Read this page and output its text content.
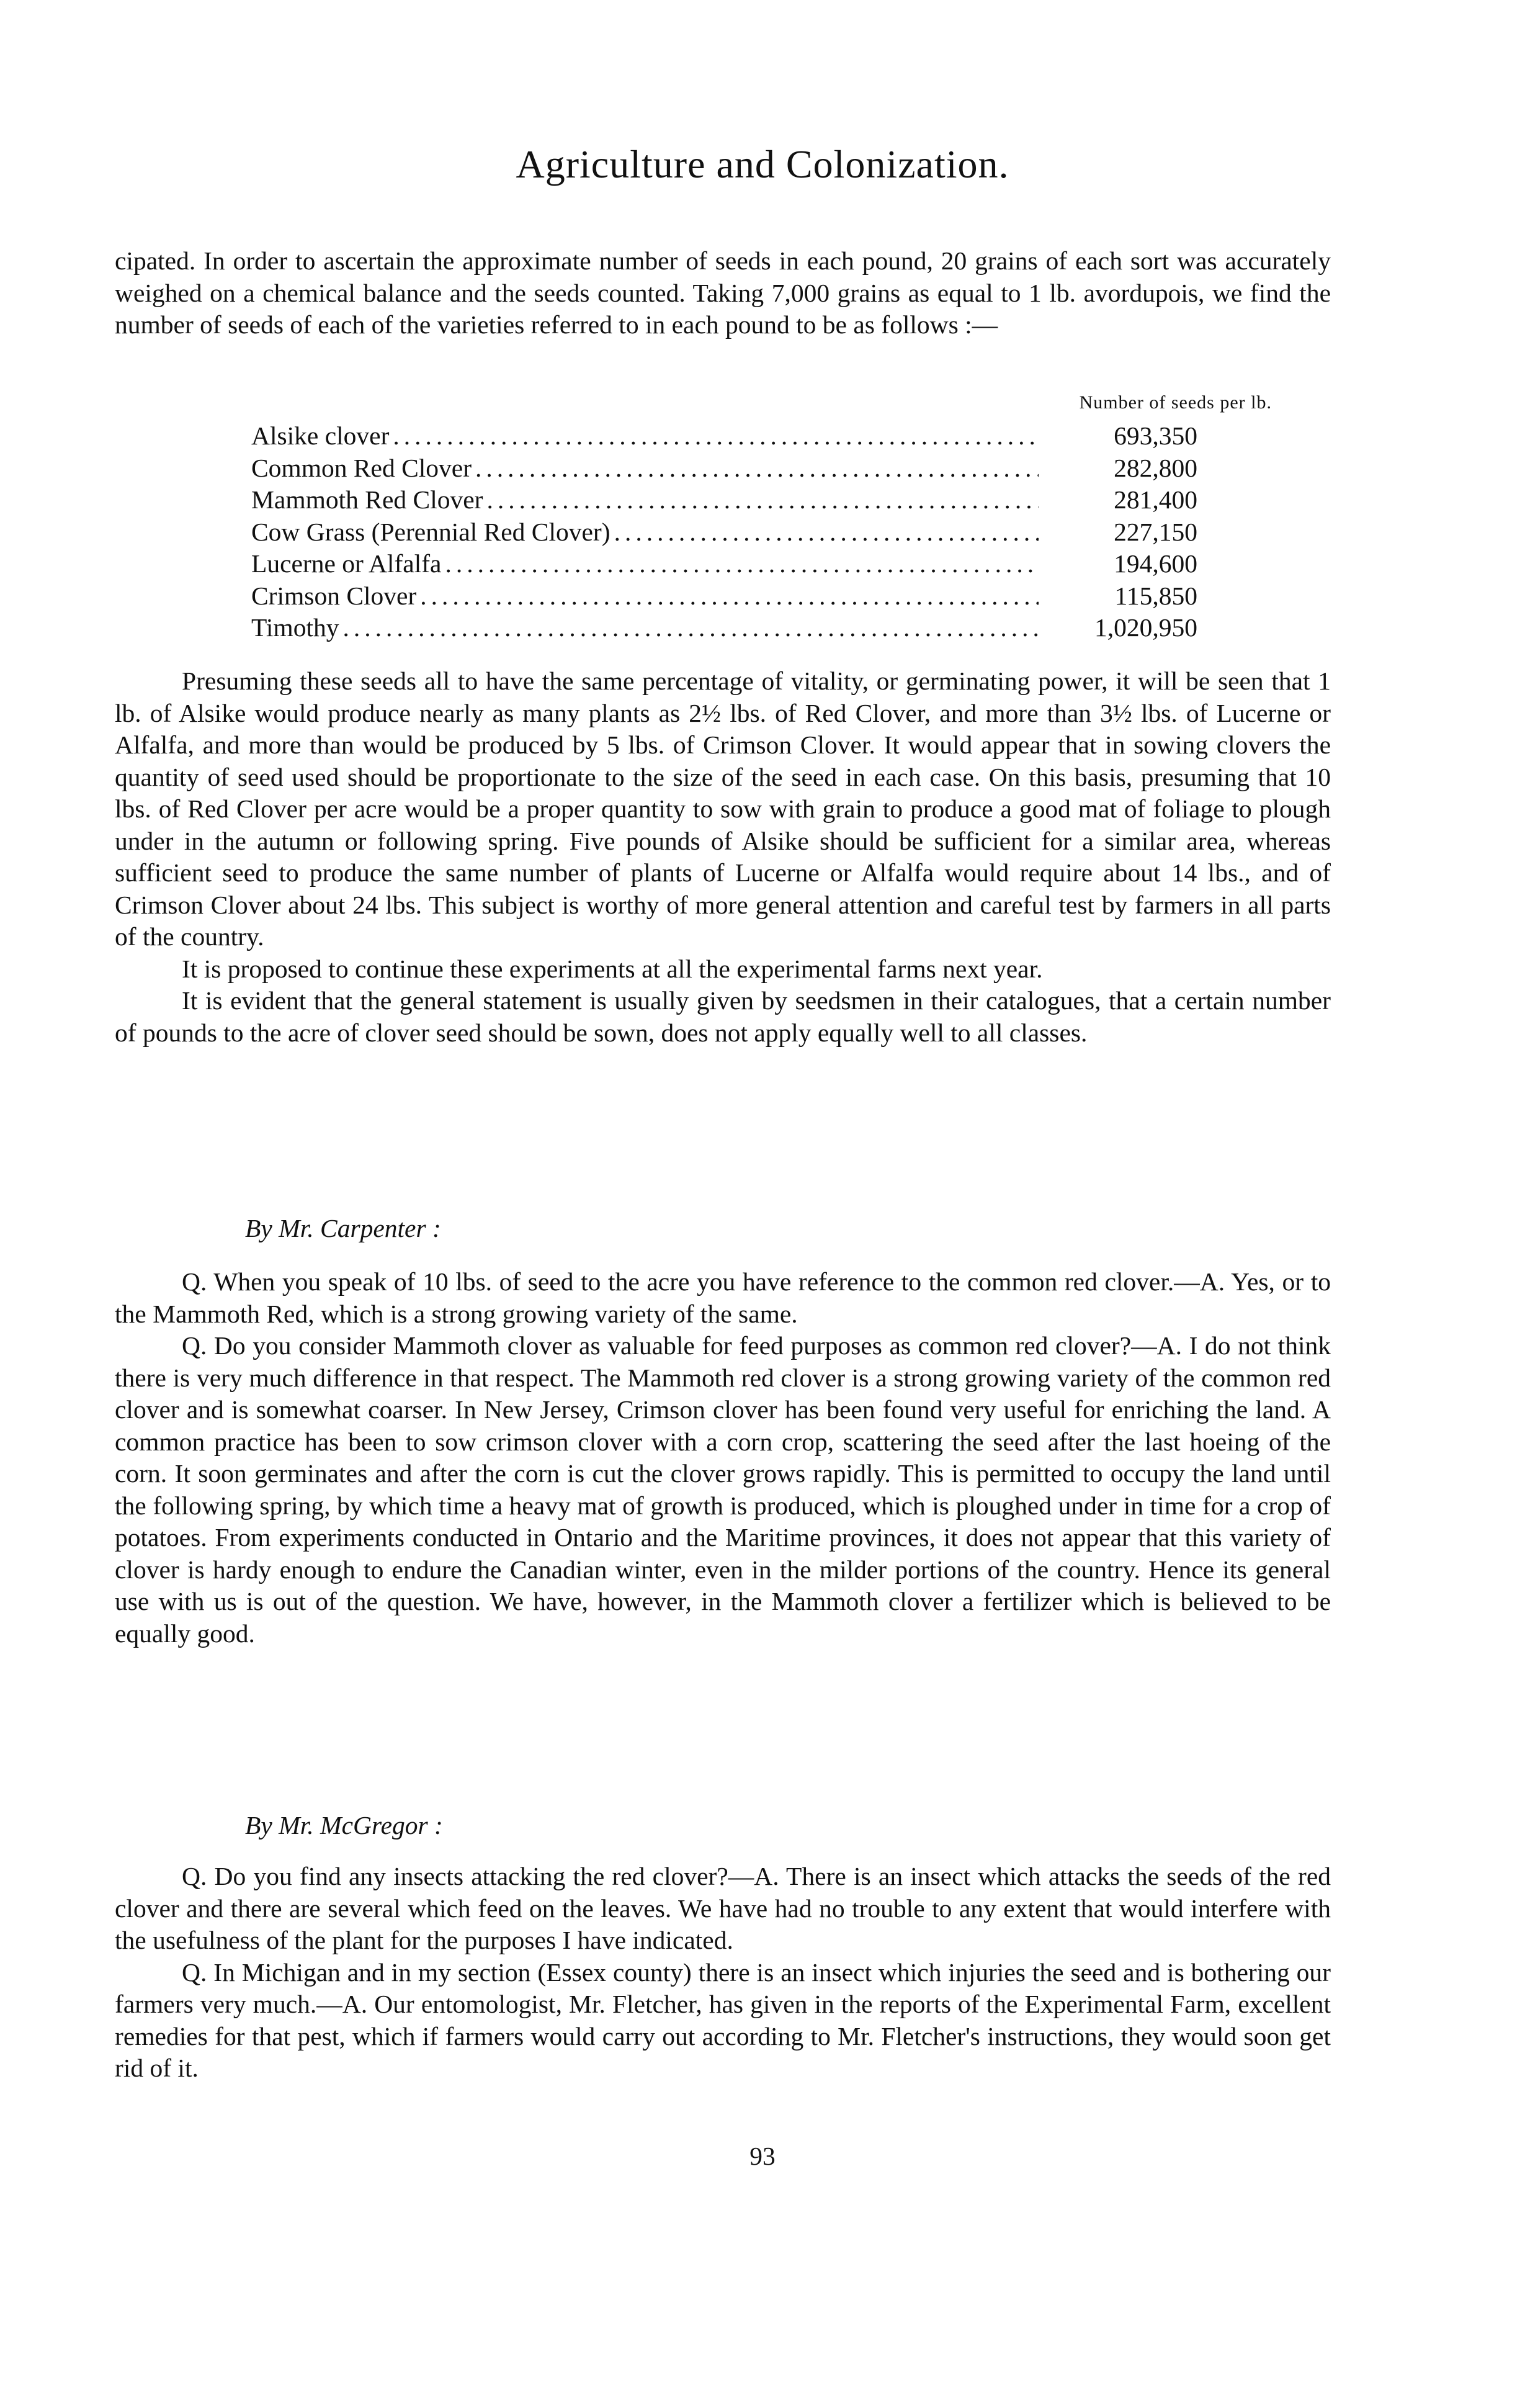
Agriculture and Colonization.

cipated. In order to ascertain the approximate number of seeds in each pound, 20 grains of each sort was accurately weighed on a chemical balance and the seeds counted. Taking 7,000 grains as equal to 1 lb. avordupois, we find the number of seeds of each of the varieties referred to in each pound to be as follows :—

Number of seeds per lb.
Alsike clover .....	693,350
Common Red Clover .....	282,800
Mammoth Red Clover .....	281,400
Cow Grass (Perennial Red Clover) .....	227,150
Lucerne or Alfalfa .....	194,600
Crimson Clover .....	115,850
Timothy .....	1,020,950

Presuming these seeds all to have the same percentage of vitality, or germinating power, it will be seen that 1 lb. of Alsike would produce nearly as many plants as 2½ lbs. of Red Clover, and more than 3½ lbs. of Lucerne or Alfalfa, and more than would be produced by 5 lbs. of Crimson Clover. It would appear that in sowing clovers the quantity of seed used should be proportionate to the size of the seed in each case. On this basis, presuming that 10 lbs. of Red Clover per acre would be a proper quantity to sow with grain to produce a good mat of foliage to plough under in the autumn or following spring. Five pounds of Alsike should be sufficient for a similar area, whereas sufficient seed to produce the same number of plants of Lucerne or Alfalfa would require about 14 lbs., and of Crimson Clover about 24 lbs. This subject is worthy of more general attention and careful test by farmers in all parts of the country.

It is proposed to continue these experiments at all the experimental farms next year.

It is evident that the general statement is usually given by seedsmen in their catalogues, that a certain number of pounds to the acre of clover seed should be sown, does not apply equally well to all classes.

By Mr. Carpenter :

Q. When you speak of 10 lbs. of seed to the acre you have reference to the common red clover.—A. Yes, or to the Mammoth Red, which is a strong growing variety of the same.

Q. Do you consider Mammoth clover as valuable for feed purposes as common red clover?—A. I do not think there is very much difference in that respect. The Mammoth red clover is a strong growing variety of the common red clover and is somewhat coarser. In New Jersey, Crimson clover has been found very useful for enriching the land. A common practice has been to sow crimson clover with a corn crop, scattering the seed after the last hoeing of the corn. It soon germinates and after the corn is cut the clover grows rapidly. This is permitted to occupy the land until the following spring, by which time a heavy mat of growth is produced, which is ploughed under in time for a crop of potatoes. From experiments conducted in Ontario and the Maritime provinces, it does not appear that this variety of clover is hardy enough to endure the Canadian winter, even in the milder portions of the country. Hence its general use with us is out of the question. We have, however, in the Mammoth clover a fertilizer which is believed to be equally good.

By Mr. McGregor :

Q. Do you find any insects attacking the red clover?—A. There is an insect which attacks the seeds of the red clover and there are several which feed on the leaves. We have had no trouble to any extent that would interfere with the usefulness of the plant for the purposes I have indicated.

Q. In Michigan and in my section (Essex county) there is an insect which injuries the seed and is bothering our farmers very much.—A. Our entomologist, Mr. Fletcher, has given in the reports of the Experimental Farm, excellent remedies for that pest, which if farmers would carry out according to Mr. Fletcher's instructions, they would soon get rid of it.

93
